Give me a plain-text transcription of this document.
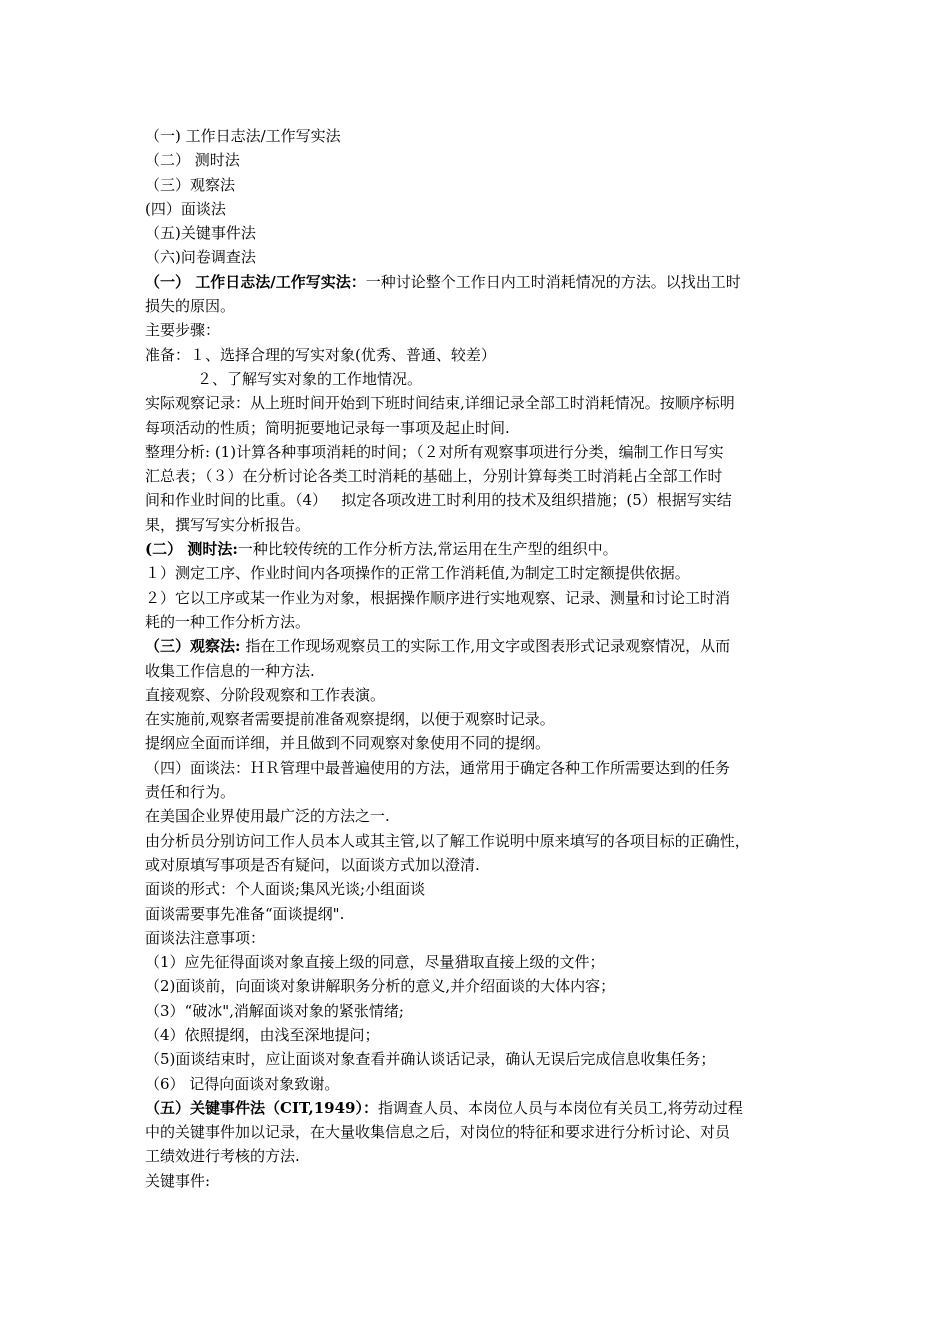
（一) 工作日志法/工作写实法
（二） 测时法
（三）观察法
(四）面谈法
（五)关键事件法
（六)问卷调查法
（一） 工作日志法/工作写实法：一种讨论整个工作日内工时消耗情况的方法。以找出工时
损失的原因。
主要步骤：
准备：１、选择合理的写实对象(优秀、普通、较差）
２、了解写实对象的工作地情况。
实际观察记录：从上班时间开始到下班时间结束,详细记录全部工时消耗情况。按顺序标明
每项活动的性质；简明扼要地记录每一事项及起止时间.
整理分析: (1)计算各种事项消耗的时间；（２对所有观察事项进行分类，编制工作日写实
汇总表；（３）在分析讨论各类工时消耗的基础上，分别计算每类工时消耗占全部工作时
间和作业时间的比重。（4）   拟定各项改进工时利用的技术及组织措施；(5）根据写实结
果，撰写写实分析报告。
(二） 测时法:一种比较传统的工作分析方法,常运用在生产型的组织中。
１）测定工序、作业时间内各项操作的正常工作消耗值,为制定工时定额提供依据。
２）它以工序或某一作业为对象，根据操作顺序进行实地观察、记录、测量和讨论工时消
耗的一种工作分析方法。
（三）观察法: 指在工作现场观察员工的实际工作,用文字或图表形式记录观察情况，从而
收集工作信息的一种方法.
直接观察、分阶段观察和工作表演。
在实施前,观察者需要提前准备观察提纲，以便于观察时记录。
提纲应全面而详细，并且做到不同观察对象使用不同的提纲。
（四）面谈法：ＨＲ管理中最普遍使用的方法，通常用于确定各种工作所需要达到的任务
责任和行为。
在美国企业界使用最广泛的方法之一.
由分析员分别访问工作人员本人或其主管,以了解工作说明中原来填写的各项目标的正确性，
或对原填写事项是否有疑问，以面谈方式加以澄清.
面谈的形式：个人面谈;集风光谈;小组面谈
面谈需要事先准备“面谈提纲".
面谈法注意事项：
（1）应先征得面谈对象直接上级的同意，尽量猎取直接上级的文件；
（2)面谈前，向面谈对象讲解职务分析的意义,并介绍面谈的大体内容；
（3）“破冰",消解面谈对象的紧张情绪;
（4）依照提纲，由浅至深地提问；
（5)面谈结束时，应让面谈对象查看并确认谈话记录，确认无误后完成信息收集任务；
（6） 记得向面谈对象致谢。
（五）关键事件法（CIT,1949）：指调查人员、本岗位人员与本岗位有关员工,将劳动过程
中的关键事件加以记录，在大量收集信息之后，对岗位的特征和要求进行分析讨论、对员
工绩效进行考核的方法.
关键事件:
